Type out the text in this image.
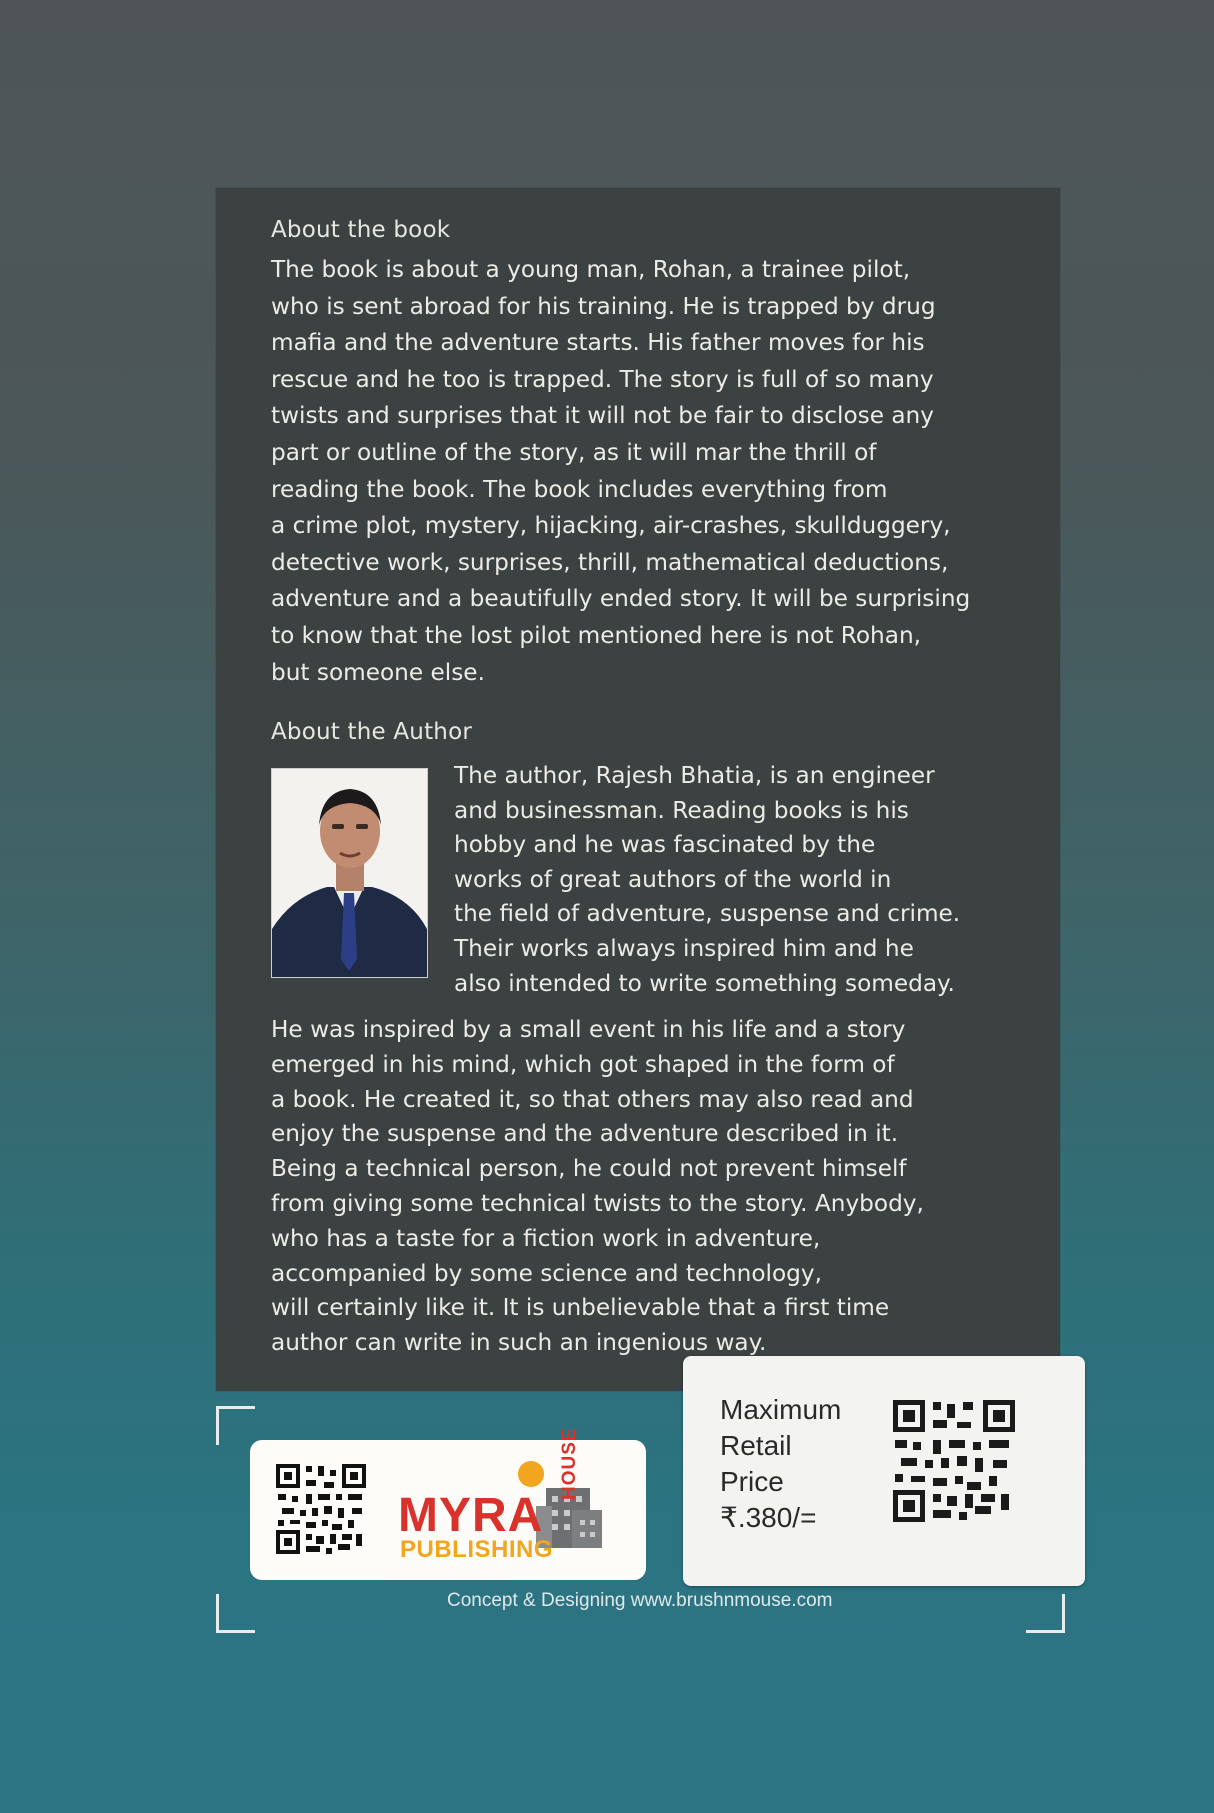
About the book
The book is about a young man, Rohan, a trainee pilot,
who is sent abroad for his training. He is trapped by drug
mafia and the adventure starts. His father moves for his
rescue and he too is trapped. The story is full of so many
twists and surprises that it will not be fair to disclose any
part or outline of the story, as it will mar the thrill of
reading the book. The book includes everything from
a crime plot, mystery, hijacking, air-crashes, skullduggery,
detective work, surprises, thrill, mathematical deductions,
adventure and a beautifully ended story. It will be surprising
to know that the lost pilot mentioned here is not Rohan,
but someone else.
About the Author
The author, Rajesh Bhatia, is an engineer
and businessman. Reading books is his
hobby and he was fascinated by the
works of great authors of the world in
the field of adventure, suspense and crime.
Their works always inspired him and he
also intended to write something someday.
He was inspired by a small event in his life and a story
emerged in his mind, which got shaped in the form of
a book. He created it, so that others may also read and
enjoy the suspense and the adventure described in it.
Being a technical person, he could not prevent himself
from giving some technical twists to the story. Anybody,
who has a taste for a fiction work in adventure,
accompanied by some science and technology,
will certainly like it. It is unbelievable that a first time
author can write in such an ingenious way.
MYRA
PUBLISHING
HOUSE
Maximum
Retail
Price
₹.380/=
Concept & Designing www.brushnmouse.com
